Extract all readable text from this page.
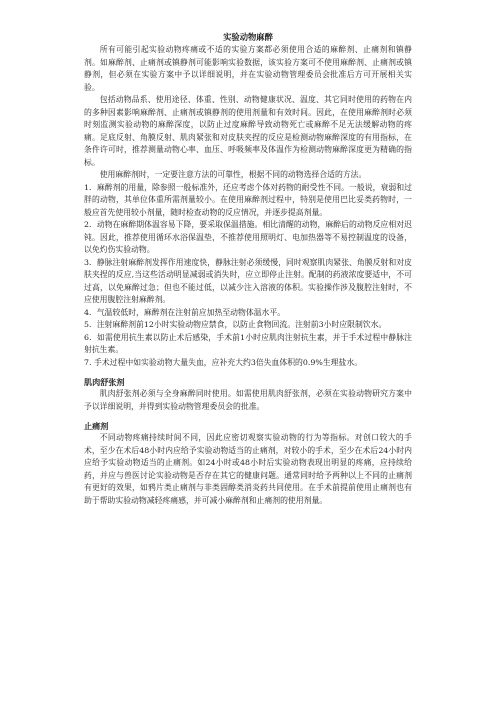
实验动物麻醉

所有可能引起实验动物疼痛或不适的实验方案都必须使用合适的麻醉剂、止痛剂和镇静剂。如麻醉剂、止痛剂或镇静剂可能影响实验数据，该实验方案可不使用麻醉剂、止痛剂或镇静剂，但必须在实验方案中予以详细说明，并在实验动物管理委员会批准后方可开展相关实验。

包括动物品系、使用途径、体重、性别、动物健康状况、温度、其它同时使用的药物在内的多种因素影响麻醉剂、止痛剂或镇静剂的使用剂量和有效时间。因此，在使用麻醉剂时必须时刻监测实验动物的麻醉深度，以防止过度麻醉导致动物死亡或麻醉不足无法缓解动物的疼痛。足底反射、角膜反射、肌肉紧张和对皮肤夹捏的反应是检测动物麻醉深度的有用指标，在条件许可时，推荐测量动物心率、血压、呼吸频率及体温作为检测动物麻醉深度更为精确的指标。

使用麻醉剂时，一定要注意方法的可靠性，根据不同的动物选择合适的方法。

1．麻醉剂的用量，除参照一般标准外，还应考虑个体对药物的耐受性不同。一般说，衰弱和过胖的动物，其单位体重所需剂量较小。在使用麻醉剂过程中，特别是使用巴比妥类药物时，一般应首先使用较小剂量，随时检查动物的反应情况，并逐步提高剂量。

2．动物在麻醉期体温容易下降，要采取保温措施。相比清醒的动物，麻醉后的动物反应相对迟钝。因此，推荐使用循环水浴保温垫，不推荐使用照明灯、电加热器等不易控制温度的设备，以免灼伤实验动物。

3．静脉注射麻醉剂发挥作用速度快，静脉注射必须缓慢，同时观察肌肉紧张、角膜反射和对皮肤夹捏的反应,当这些活动明显减弱或消失时，应立即停止注射。配制的药液浓度要适中，不可过高，以免麻醉过急；但也不能过低，以减少注入溶液的体积。实验操作涉及腹腔注射时，不应使用腹腔注射麻醉剂。

4．气温较低时，麻醉剂在注射前应加热至动物体温水平。

5．注射麻醉剂前12小时实验动物应禁食，以防止食物回流。注射前3小时应限制饮水。

6．如需使用抗生素以防止术后感染，手术前1小时应肌肉注射抗生素，并于手术过程中静脉注射抗生素。

7. 手术过程中如实验动物大量失血，应补充大约3倍失血体积的0.9%生理盐水。

肌肉舒张剂

肌肉舒张剂必须与全身麻醉同时使用。如需使用肌肉舒张剂，必须在实验动物研究方案中予以详细说明，并得到实验动物管理委员会的批准。

止痛剂

不同动物疼痛持续时间不同，因此应密切观察实验动物的行为等指标。对创口较大的手术，至少在术后48小时内应给予实验动物适当的止痛剂，对较小的手术，至少在术后24小时内应给予实验动物适当的止痛剂。如24小时或48小时后实验动物表现出明显的疼痛，应持续给药，并应与兽医讨论实验动物是否存在其它的健康问题。通常同时给予两种以上不同的止痛剂有更好的效果，如鸦片类止痛剂与非类固醇类消炎药共同使用。在手术前提前使用止痛剂也有助于帮助实验动物减轻疼痛感，并可减小麻醉剂和止痛剂的使用剂量。
